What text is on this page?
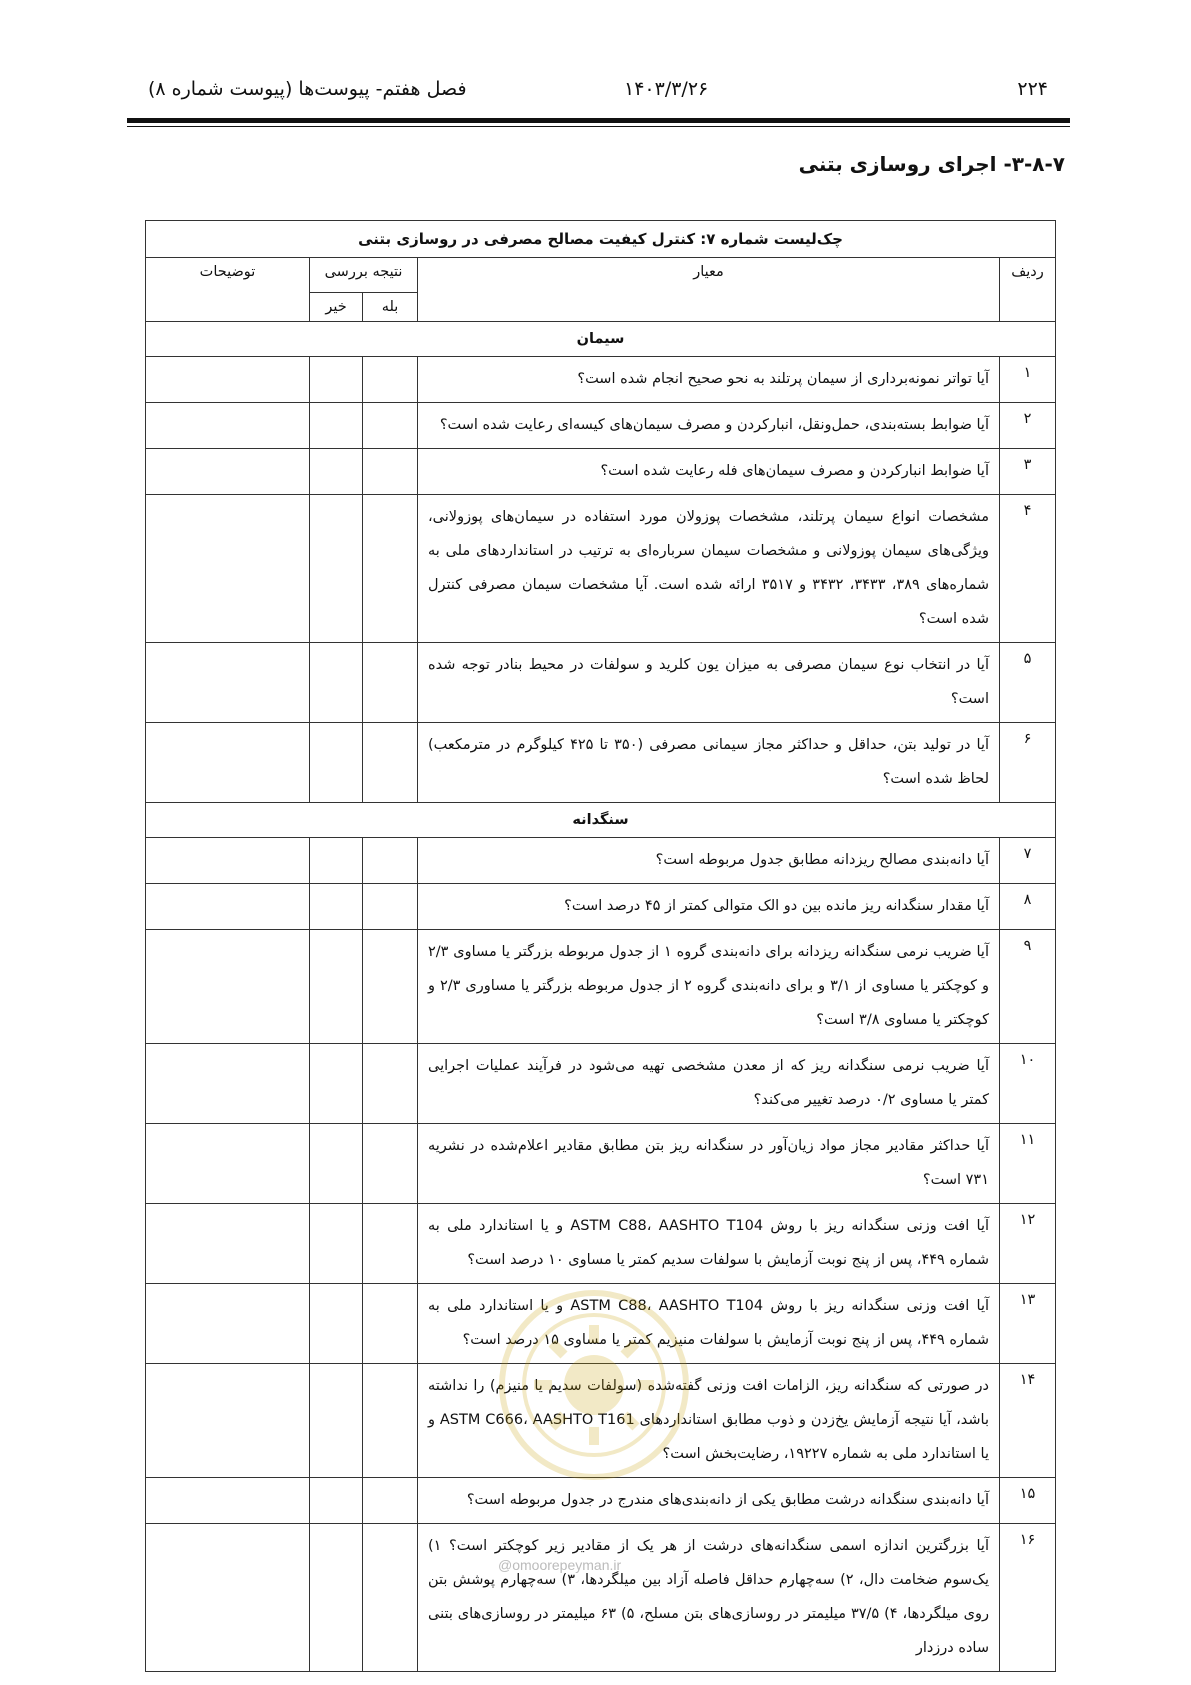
فصل هفتم- پیوست‌ها (پیوست شماره ۸)	۱۴۰۳/۳/۲۶	۲۲۴
۳-۸-۷- اجرای روسازی بتنی
چک‌لیست شماره ۷: کنترل کیفیت مصالح مصرفی در روسازی بتنی				
ردیف	معیار	نتیجه بررسی		توضیحات
		بله	خیر	
سیمان				
۱	آیا تواتر نمونه‌برداری از سیمان پرتلند به نحو صحیح انجام شده است؟			
۲	آیا ضوابط بسته‌بندی، حمل‌ونقل، انبارکردن و مصرف سیمان‌های کیسه‌ای رعایت شده است؟			
۳	آیا ضوابط انبارکردن و مصرف سیمان‌های فله رعایت شده است؟			
۴	مشخصات انواع سیمان پرتلند، مشخصات پوزولان مورد استفاده در سیمان‌های پوزولانی، ویژگی‌های سیمان پوزولانی و مشخصات سیمان سرباره‌ای به ترتیب در استانداردهای ملی به شماره‌های ۳۸۹، ۳۴۳۳، ۳۴۳۲ و ۳۵۱۷ ارائه شده است. آیا مشخصات سیمان مصرفی کنترل شده است؟			
۵	آیا در انتخاب نوع سیمان مصرفی به میزان یون کلرید و سولفات در محیط بنادر توجه شده است؟			
۶	آیا در تولید بتن، حداقل و حداکثر مجاز سیمانی مصرفی (۳۵۰ تا ۴۲۵ کیلوگرم در مترمکعب) لحاظ شده است؟			
سنگدانه				
۷	آیا دانه‌بندی مصالح ریزدانه مطابق جدول مربوطه است؟			
۸	آیا مقدار سنگدانه ریز مانده بین دو الک متوالی کمتر از ۴۵ درصد است؟			
۹	آیا ضریب نرمی سنگدانه ریزدانه برای دانه‌بندی گروه ۱ از جدول مربوطه بزرگتر یا مساوی ۲/۳ و کوچکتر یا مساوی از ۳/۱ و برای دانه‌بندی گروه ۲ از جدول مربوطه بزرگتر یا مساوری ۲/۳ و کوچکتر یا مساوی ۳/۸ است؟			
۱۰	آیا ضریب نرمی سنگدانه ریز که از معدن مشخصی تهیه می‌شود در فرآیند عملیات اجرایی کمتر یا مساوی ۰/۲ درصد تغییر می‌کند؟			
۱۱	آیا حداکثر مقادیر مجاز مواد زیان‌آور در سنگدانه ریز بتن مطابق مقادیر اعلام‌شده در نشریه ۷۳۱ است؟			
۱۲	آیا افت وزنی سنگدانه ریز با روش ASTM C88، AASHTO T104 و یا استاندارد ملی به شماره ۴۴۹، پس از پنج نوبت آزمایش با سولفات سدیم کمتر یا مساوی ۱۰ درصد است؟			
۱۳	آیا افت وزنی سنگدانه ریز با روش ASTM C88، AASHTO T104 و یا استاندارد ملی به شماره ۴۴۹، پس از پنج نوبت آزمایش با سولفات منیزیم کمتر یا مساوی ۱۵ درصد است؟			
۱۴	در صورتی که سنگدانه ریز، الزامات افت وزنی گفته‌شده (سولفات سدیم یا منیزم) را نداشته باشد، آیا نتیجه آزمایش یخ‌زدن و ذوب مطابق استانداردهای ASTM C666، AASHTO T161 و یا استاندارد ملی به شماره ۱۹۲۲۷، رضایت‌بخش است؟			
۱۵	آیا دانه‌بندی سنگدانه درشت مطابق یکی از دانه‌بندی‌های مندرج در جدول مربوطه است؟			
۱۶	آیا بزرگترین اندازه اسمی سنگدانه‌های درشت از هر یک از مقادیر زیر کوچکتر است؟ ۱) یک‌سوم ضخامت دال، ۲) سه‌چهارم حداقل فاصله آزاد بین میلگردها، ۳) سه‌چهارم پوشش بتن روی میلگردها، ۴) ۳۷/۵ میلیمتر در روسازی‌های بتن مسلح، ۵) ۶۳ میلیمتر در روسازی‌های بتنی ساده درزدار			
@omoorepeyman.ir
